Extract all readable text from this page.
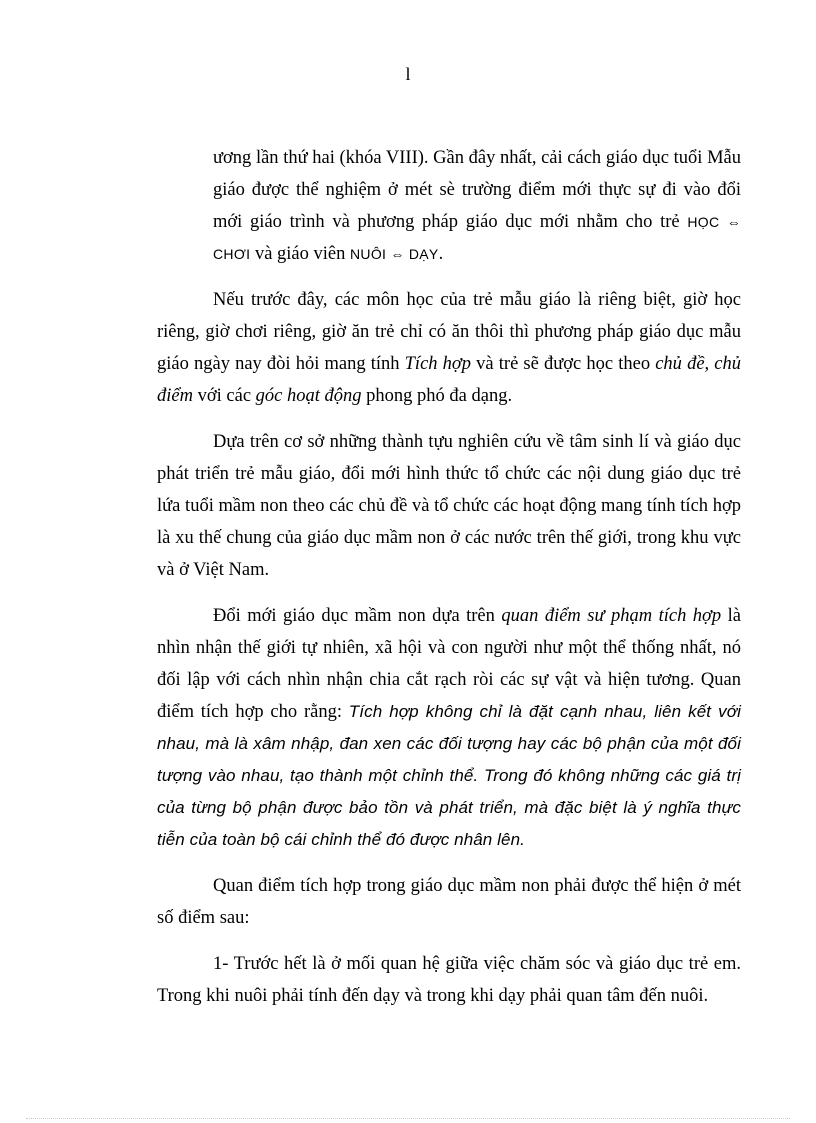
l

ương lần thứ hai (khóa VIII). Gần đây nhất, cải cách giáo dục tuổi Mẫu giáo được thể nghiệm ở mét sè trường điểm mới thực sự đi vào đổi mới giáo trình và phương pháp giáo dục mới nhằm cho trẻ HỌC ⇔ CHƠI và giáo viên NUÔI ⇔ DẠY.

Nếu trước đây, các môn học của trẻ mẫu giáo là riêng biệt, giờ học riêng, giờ chơi riêng, giờ ăn trẻ chỉ có ăn thôi thì phương pháp giáo dục mẫu giáo ngày nay đòi hỏi mang tính Tích hợp và trẻ sẽ được học theo chủ đề, chủ điểm với các góc hoạt động phong phó đa dạng.

Dựa trên cơ sở những thành tựu nghiên cứu về tâm sinh lí và giáo dục phát triển trẻ mẫu giáo, đổi mới hình thức tổ chức các nội dung giáo dục trẻ lứa tuổi mầm non theo các chủ đề và tổ chức các hoạt động mang tính tích hợp là xu thế chung của giáo dục mầm non ở các nước trên thế giới, trong khu vực và ở Việt Nam.

Đổi mới giáo dục mầm non dựa trên quan điểm sư phạm tích hợp là nhìn nhận thế giới tự nhiên, xã hội và con người như một thể thống nhất, nó đối lập với cách nhìn nhận chia cắt rạch ròi các sự vật và hiện tương. Quan điểm tích hợp cho rằng: Tích hợp không chỉ là đặt cạnh nhau, liên kết với nhau, mà là xâm nhập, đan xen các đối tượng hay các bộ phận của một đối tượng vào nhau, tạo thành một chỉnh thể. Trong đó không những các giá trị của từng bộ phận được bảo tồn và phát triển, mà đặc biệt là ý nghĩa thực tiễn của toàn bộ cái chỉnh thể đó được nhân lên.

Quan điểm tích hợp trong giáo dục mầm non phải được thể hiện ở mét số điểm sau:

1- Trước hết là ở mối quan hệ giữa việc chăm sóc và giáo dục trẻ em. Trong khi nuôi phải tính đến dạy và trong khi dạy phải quan tâm đến nuôi.
